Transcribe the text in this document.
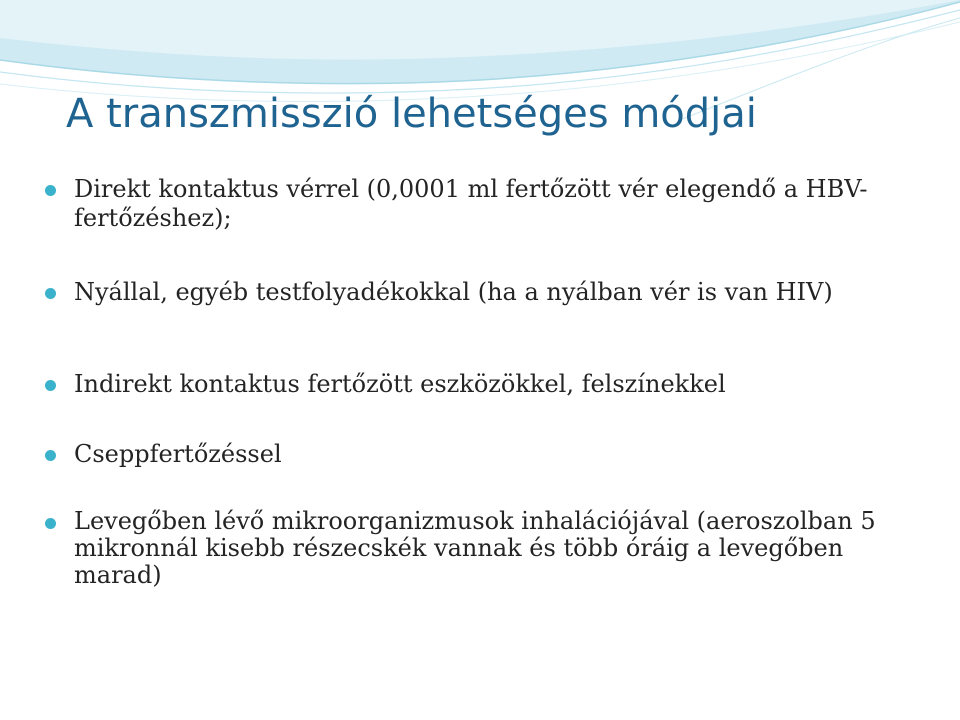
A transzmisszió lehetséges módjai
Direkt kontaktus vérrel (0,0001 ml fertőzött vér elegendő a HBV-fertőzéshez);
Nyállal, egyéb testfolyadékokkal (ha a nyálban vér is van HIV)
Indirekt kontaktus fertőzött eszközökkel, felszínekkel
Cseppfertőzéssel
Levegőben lévő mikroorganizmusok inhalációjával (aeroszolban 5 mikronnál kisebb részecskék vannak és több óráig a levegőben marad)
